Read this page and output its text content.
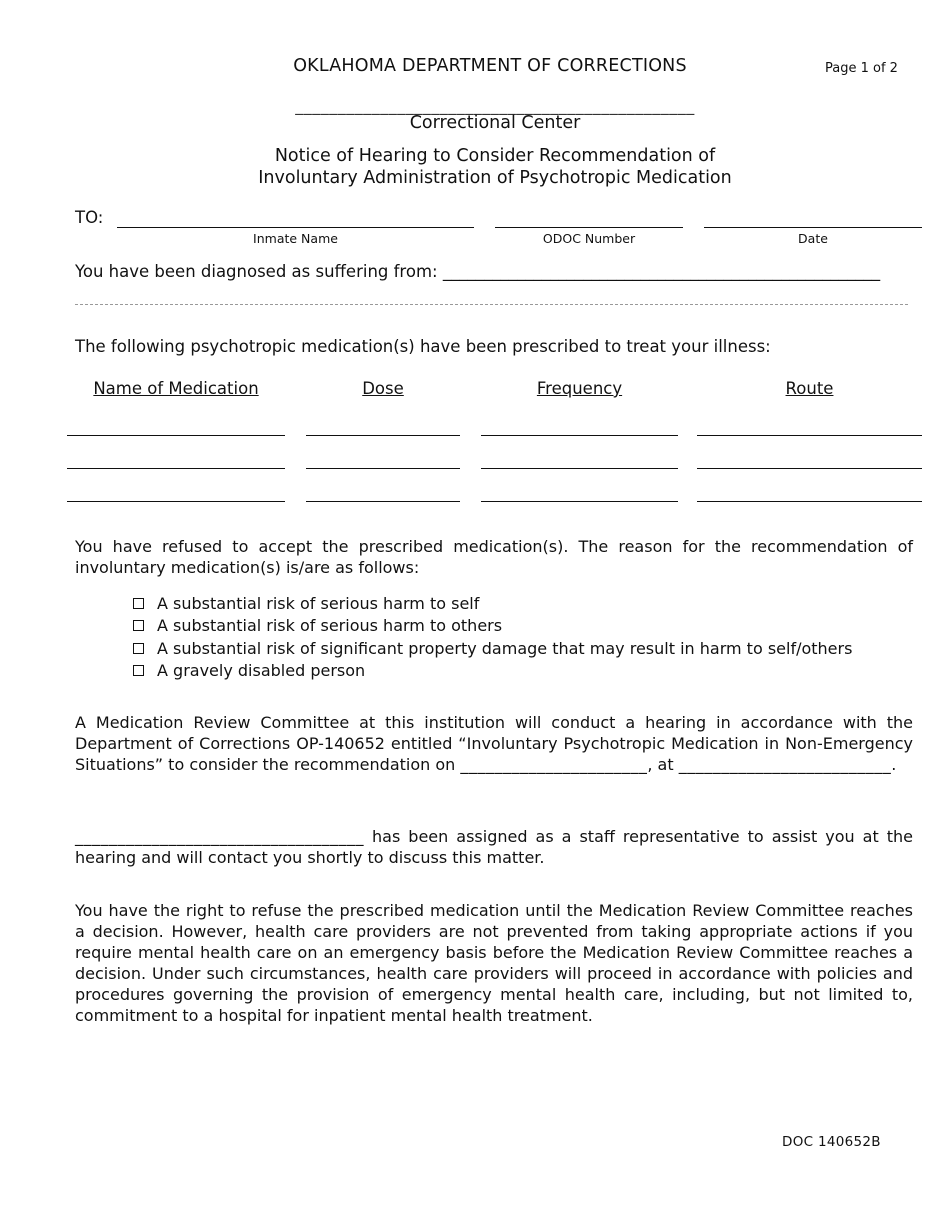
OKLAHOMA DEPARTMENT OF CORRECTIONS	Page 1 of 2
_______________________________________________
Correctional Center
Notice of Hearing to Consider Recommendation of
Involuntary Administration of Psychotropic Medication
TO:
Inmate Name	ODOC Number	Date
You have been diagnosed as suffering from: _____________________________________________________
The following psychotropic medication(s) have been prescribed to treat your illness:
Name of Medication	Dose	Frequency	Route
You have refused to accept the prescribed medication(s). The reason for the recommendation of involuntary medication(s) is/are as follows:
A substantial risk of serious harm to self
A substantial risk of serious harm to others
A substantial risk of significant property damage that may result in harm to self/others
A gravely disabled person
A Medication Review Committee at this institution will conduct a hearing in accordance with the Department of Corrections OP-140652 entitled “Involuntary Psychotropic Medication in Non-Emergency Situations” to consider the recommendation on ______________________, at _________________________.
__________________________________ has been assigned as a staff representative to assist you at the hearing and will contact you shortly to discuss this matter.
You have the right to refuse the prescribed medication until the Medication Review Committee reaches a decision. However, health care providers are not prevented from taking appropriate actions if you require mental health care on an emergency basis before the Medication Review Committee reaches a decision. Under such circumstances, health care providers will proceed in accordance with policies and procedures governing the provision of emergency mental health care, including, but not limited to, commitment to a hospital for inpatient mental health treatment.
DOC 140652B
